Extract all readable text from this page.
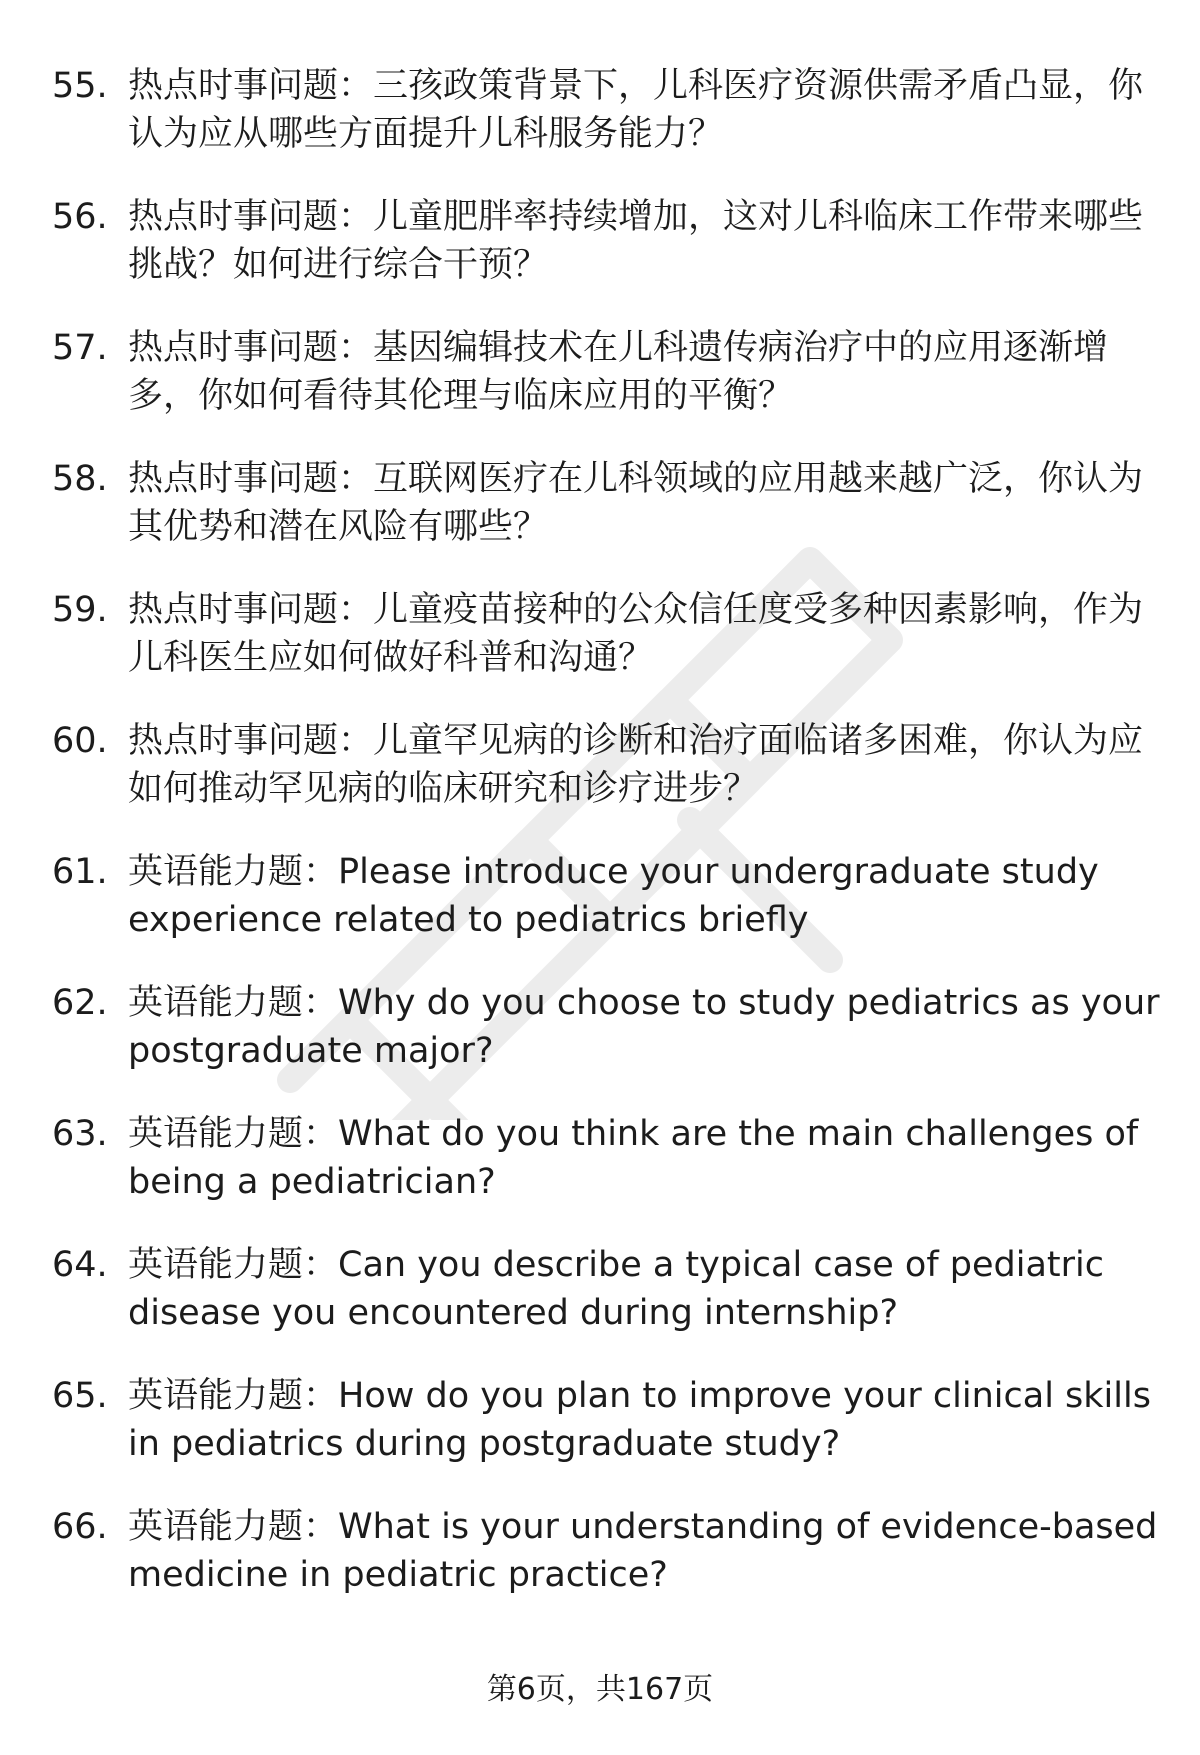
55. 热点时事问题：三孩政策背景下，儿科医疗资源供需矛盾凸显，你认为应从哪些方面提升儿科服务能力？
56. 热点时事问题：儿童肥胖率持续增加，这对儿科临床工作带来哪些挑战？如何进行综合干预？
57. 热点时事问题：基因编辑技术在儿科遗传病治疗中的应用逐渐增多，你如何看待其伦理与临床应用的平衡？
58. 热点时事问题：互联网医疗在儿科领域的应用越来越广泛，你认为其优势和潜在风险有哪些？
59. 热点时事问题：儿童疫苗接种的公众信任度受多种因素影响，作为儿科医生应如何做好科普和沟通？
60. 热点时事问题：儿童罕见病的诊断和治疗面临诸多困难，你认为应如何推动罕见病的临床研究和诊疗进步？
61. 英语能力题：Please introduce your undergraduate study experience related to pediatrics briefly
62. 英语能力题：Why do you choose to study pediatrics as your postgraduate major?
63. 英语能力题：What do you think are the main challenges of being a pediatrician?
64. 英语能力题：Can you describe a typical case of pediatric disease you encountered during internship?
65. 英语能力题：How do you plan to improve your clinical skills in pediatrics during postgraduate study?
66. 英语能力题：What is your understanding of evidence-based medicine in pediatric practice?
第6页，共167页
